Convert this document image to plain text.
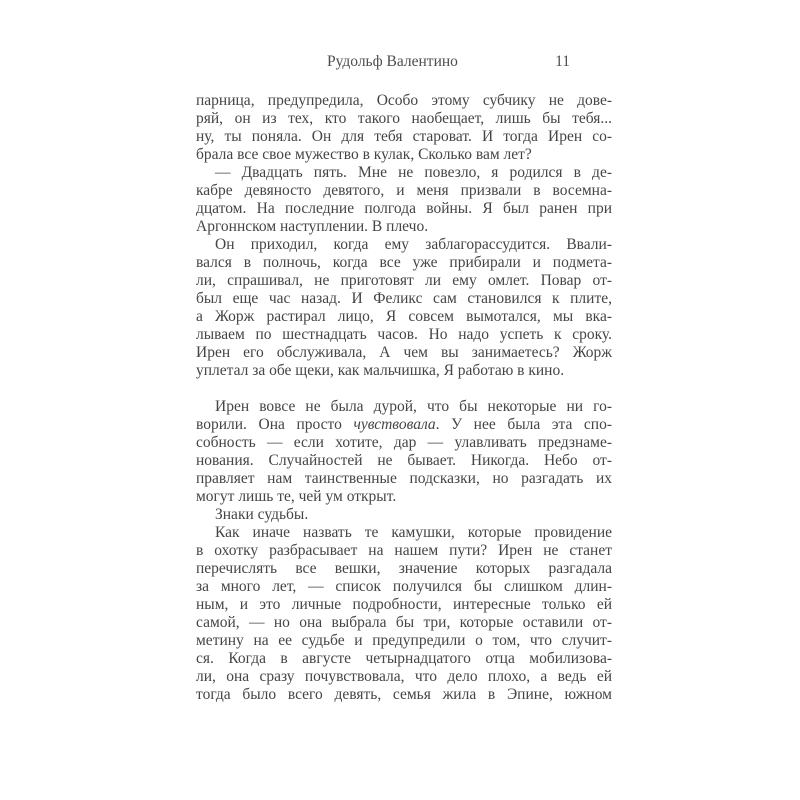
Рудольф Валентино	11
парница, предупредила, Особо этому субчику не дове-
ряй, он из тех, кто такого наобещает, лишь бы тебя...
ну, ты поняла. Он для тебя староват. И тогда Ирен со-
брала все свое мужество в кулак, Сколько вам лет?
— Двадцать пять. Мне не повезло, я родился в де-
кабре девяносто девятого, и меня призвали в восемна-
дцатом. На последние полгода войны. Я был ранен при
Аргоннском наступлении. В плечо.
Он приходил, когда ему заблагорассудится. Ввали-
вался в полночь, когда все уже прибирали и подмета-
ли, спрашивал, не приготовят ли ему омлет. Повар от-
был еще час назад. И Феликс сам становился к плите,
а Жорж растирал лицо, Я совсем вымотался, мы вка-
лываем по шестнадцать часов. Но надо успеть к сроку.
Ирен его обслуживала, А чем вы занимаетесь? Жорж
уплетал за обе щеки, как мальчишка, Я работаю в кино.
Ирен вовсе не была дурой, что бы некоторые ни го-
ворили. Она просто чувствовала. У нее была эта спо-
собность — если хотите, дар — улавливать предзнаме-
нования. Случайностей не бывает. Никогда. Небо от-
правляет нам таинственные подсказки, но разгадать их
могут лишь те, чей ум открыт.
Знаки судьбы.
Как иначе назвать те камушки, которые провидение
в охотку разбрасывает на нашем пути? Ирен не станет
перечислять все вешки, значение которых разгадала
за много лет, — список получился бы слишком длин-
ным, и это личные подробности, интересные только ей
самой, — но она выбрала бы три, которые оставили от-
метину на ее судьбе и предупредили о том, что случит-
ся. Когда в августе четырнадцатого отца мобилизова-
ли, она сразу почувствовала, что дело плохо, а ведь ей
тогда было всего девять, семья жила в Эпине, южном
